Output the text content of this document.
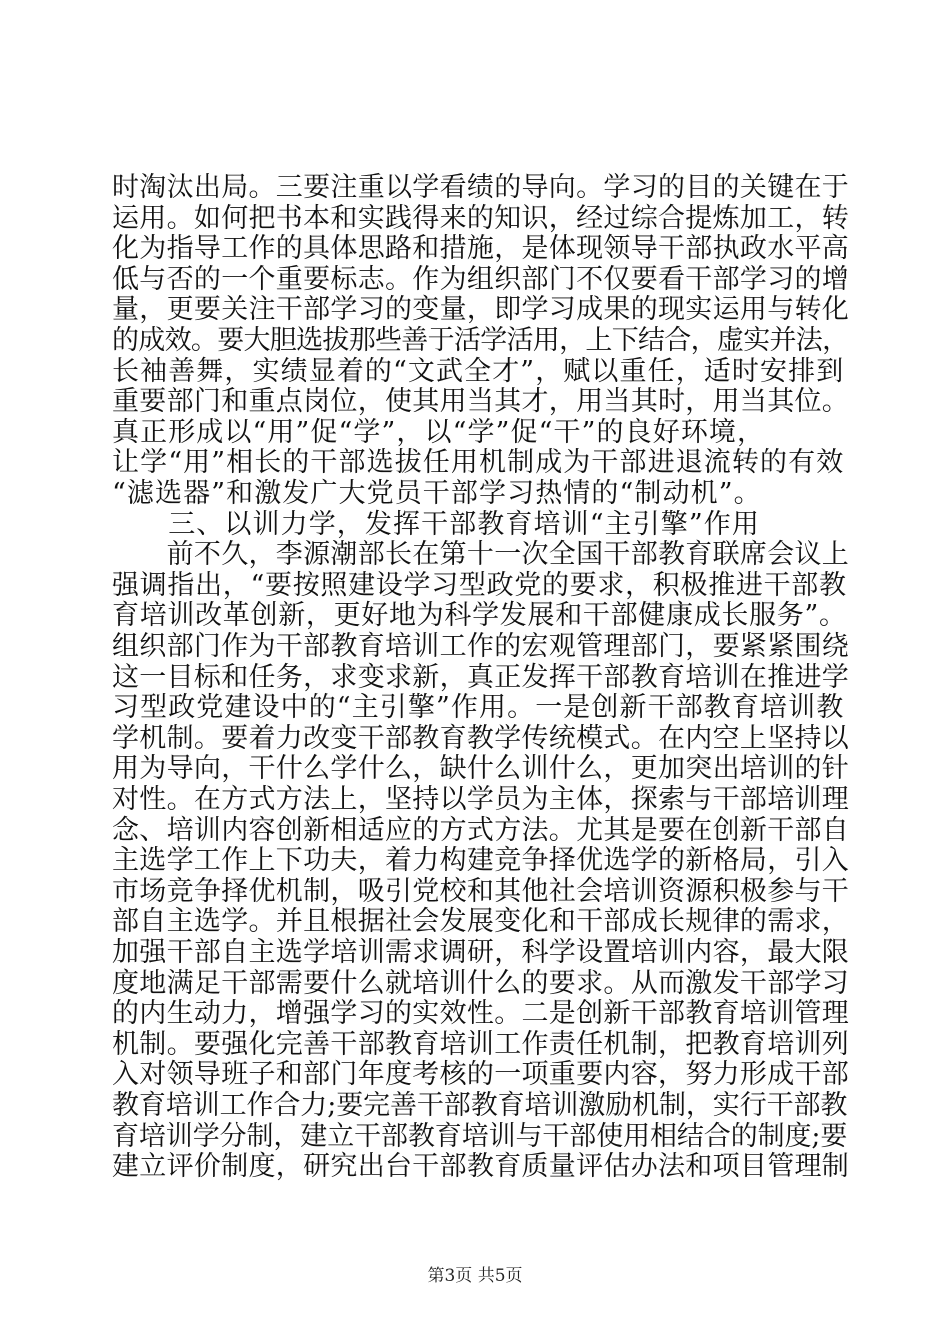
时淘汰出局。三要注重以学看绩的导向。学习的目的关键在于
运用。如何把书本和实践得来的知识，经过综合提炼加工，转
化为指导工作的具体思路和措施，是体现领导干部执政水平高
低与否的一个重要标志。作为组织部门不仅要看干部学习的增
量，更要关注干部学习的变量，即学习成果的现实运用与转化
的成效。要大胆选拔那些善于活学活用，上下结合，虚实并法，
长袖善舞，实绩显着的“文武全才”，赋以重任，适时安排到
重要部门和重点岗位，使其用当其才，用当其时，用当其位。
真正形成以“用”促“学”，以“学”促“干”的良好环境，
让学“用”相长的干部选拔任用机制成为干部进退流转的有效
“滤选器”和激发广大党员干部学习热情的“制动机”。
　　三、以训力学，发挥干部教育培训“主引擎”作用
　　前不久，李源潮部长在第十一次全国干部教育联席会议上
强调指出，“要按照建设学习型政党的要求，积极推进干部教
育培训改革创新，更好地为科学发展和干部健康成长服务”。
组织部门作为干部教育培训工作的宏观管理部门，要紧紧围绕
这一目标和任务，求变求新，真正发挥干部教育培训在推进学
习型政党建设中的“主引擎”作用。一是创新干部教育培训教
学机制。要着力改变干部教育教学传统模式。在内空上坚持以
用为导向，干什么学什么，缺什么训什么，更加突出培训的针
对性。在方式方法上，坚持以学员为主体，探索与干部培训理
念、培训内容创新相适应的方式方法。尤其是要在创新干部自
主选学工作上下功夫，着力构建竞争择优选学的新格局，引入
市场竞争择优机制，吸引党校和其他社会培训资源积极参与干
部自主选学。并且根据社会发展变化和干部成长规律的需求，
加强干部自主选学培训需求调研，科学设置培训内容，最大限
度地满足干部需要什么就培训什么的要求。从而激发干部学习
的内生动力，增强学习的实效性。二是创新干部教育培训管理
机制。要强化完善干部教育培训工作责任机制，把教育培训列
入对领导班子和部门年度考核的一项重要内容，努力形成干部
教育培训工作合力;要完善干部教育培训激励机制，实行干部教
育培训学分制，建立干部教育培训与干部使用相结合的制度;要
建立评价制度，研究出台干部教育质量评估办法和项目管理制
第3页 共5页
